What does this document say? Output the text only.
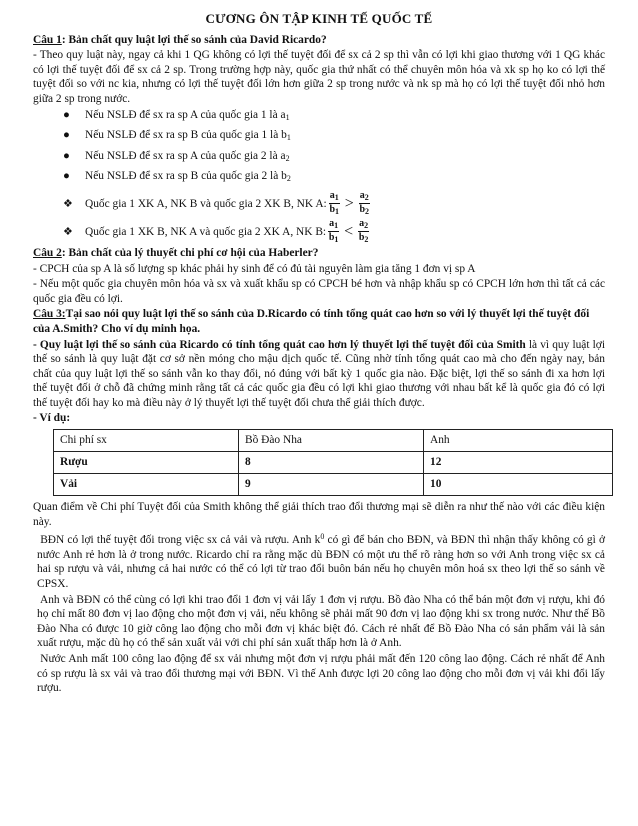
CƯƠNG ÔN TẬP KINH TẾ QUỐC TẾ
Câu 1: Bản chất quy luật lợi thế so sánh của David Ricardo?

- Theo quy luật này, ngay cả khi 1 QG không có lợi thế tuyệt đối để sx cả 2 sp thì vẫn có lợi khi giao thương với 1 QG khác có lợi thế tuyệt đối để sx cả 2 sp. Trong trường hợp này, quốc gia thứ nhất có thể chuyên môn hóa và xk sp họ ko có lợi thế tuyệt đối so với nc kia, nhưng có lợi thế tuyệt đối lớn hơn giữa 2 sp trong nước và nk sp mà họ có lợi thế tuyệt đối nhỏ hơn giữa 2 sp trong nước.

● Nếu NSLĐ để sx ra sp A của quốc gia 1 là $a_1$
● Nếu NSLĐ để sx ra sp B của quốc gia 1 là $b_1$
● Nếu NSLĐ để sx ra sp A của quốc gia 2 là $a_2$
● Nếu NSLĐ để sx ra sp B của quốc gia 2 là $b_2$
❖ Quốc gia 1 XK A, NK B và quốc gia 2 XK B, NK A: $\frac{a_1}{b_1} > \frac{a_2}{b_2}$
❖ Quốc gia 1 XK B, NK A và quốc gia 2 XK A, NK B: $\frac{a_1}{b_1} < \frac{a_2}{b_2}$
Câu 2: Bản chất của lý thuyết chi phí cơ hội của Haberler?

- CPCH của sp A là số lượng sp khác phải hy sinh để có đủ tài nguyên làm gia tăng 1 đơn vị sp A

- Nếu một quốc gia chuyên môn hóa và sx và xuất khẩu sp có CPCH bé hơn và nhập khẩu sp có CPCH lớn hơn thì tất cả các quốc gia đều có lợi.

Câu 3:Tại sao nói quy luật lợi thế so sánh của D.Ricardo có tính tổng quát cao hơn so với lý thuyết lợi thế tuyệt đối của A.Smith? Cho ví dụ minh họa.

- Quy luật lợi thế so sánh của Ricardo có tính tổng quát cao hơn lý thuyết lợi thế tuyệt đối của Smith là vì quy luật lợi thế so sánh là quy luật đặt cơ sở nền móng cho mậu dịch quốc tế. Cũng nhờ tính tổng quát cao mà cho đến ngày nay, bản chất của quy luật lợi thế so sánh vẫn ko thay đổi, nó đúng với bất kỳ 1 quốc gia nào. Đặc biệt, lợi thế so sánh đi xa hơn lợi thế tuyệt đối ở chỗ đã chứng minh rằng tất cả các quốc gia đều có lợi khi giao thương với nhau bất kể là quốc gia đó có lợi thế tuyệt đối hay ko mà điều này ở lý thuyết lợi thế tuyệt đối chưa thể giải thích được.

- Ví dụ:
Chi phí sx	Bồ Đào Nha	Anh
Rượu	8	12
Vải	9	10

Quan điểm về Chi phí Tuyệt đối của Smith không thể giải thích trao đổi thương mại sẽ diễn ra như thế nào với các điều kiện này.

BĐN có lợi thế tuyệt đối trong việc sx cả vải và rượu. Anh $k^0$ có gì để bán cho BĐN, và BĐN thì nhận thấy không có gì ở nước Anh rẻ hơn là ở trong nước. Ricardo chỉ ra rằng mặc dù BĐN có một ưu thế rõ ràng hơn so với Anh trong việc sx cả hai sp rượu và vải, nhưng cả hai nước có thể có lợi từ trao đổi buôn bán nếu họ chuyên môn hoá sx theo lợi thế so sánh về CPSX.

Anh và BĐN có thể cùng có lợi khi trao đổi 1 đơn vị vải lấy 1 đơn vị rượu. Bồ đào Nha có thể bán một đơn vị rượu, khi đó họ chỉ mất 80 đơn vị lao động cho một đơn vị vải, nếu không sẽ phải mất 90 đơn vị lao động khi sx trong nước. Như thế Bồ Đào Nha có được 10 giờ công lao động cho mỗi đơn vị khác biệt đó. Cách rẻ nhất để Bồ Đào Nha có sản phẩm vải là sản xuất rượu, mặc dù họ có thể sản xuất vải với chi phí sản xuất thấp hơn là ở Anh.

Nước Anh mất 100 công lao động để sx vải nhưng một đơn vị rượu phải mất đến 120 công lao động. Cách rẻ nhất để Anh có sp rượu là sx vải và trao đổi thương mại với BĐN. Vì thế Anh được lợi 20 công lao động cho mỗi đơn vị vải khi đổi lấy rượu.
